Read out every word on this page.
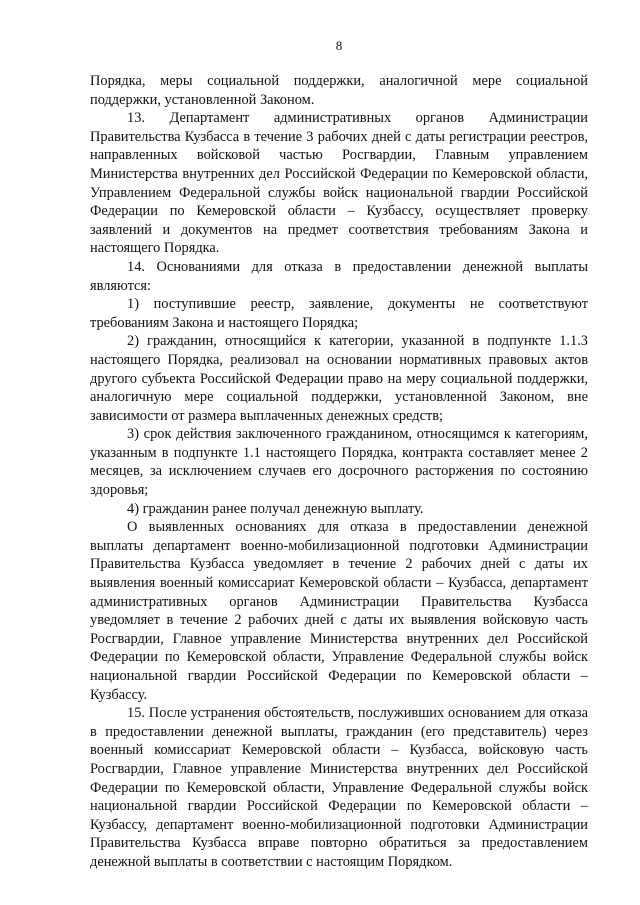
8

Порядка, меры социальной поддержки, аналогичной мере социальной поддержки, установленной Законом.

13. Департамент административных органов Администрации Правительства Кузбасса в течение 3 рабочих дней с даты регистрации реестров, направленных войсковой частью Росгвардии, Главным управлением Министерства внутренних дел Российской Федерации по Кемеровской области, Управлением Федеральной службы войск национальной гвардии Российской Федерации по Кемеровской области – Кузбассу, осуществляет проверку заявлений и документов на предмет соответствия требованиям Закона и настоящего Порядка.

14. Основаниями для отказа в предоставлении денежной выплаты являются:

1) поступившие реестр, заявление, документы не соответствуют требованиям Закона и настоящего Порядка;

2) гражданин, относящийся к категории, указанной в подпункте 1.1.3 настоящего Порядка, реализовал на основании нормативных правовых актов другого субъекта Российской Федерации право на меру социальной поддержки, аналогичную мере социальной поддержки, установленной Законом, вне зависимости от размера выплаченных денежных средств;

3) срок действия заключенного гражданином, относящимся к категориям, указанным в подпункте 1.1 настоящего Порядка, контракта составляет менее 2 месяцев, за исключением случаев его досрочного расторжения по состоянию здоровья;

4) гражданин ранее получал денежную выплату.

О выявленных основаниях для отказа в предоставлении денежной выплаты департамент военно-мобилизационной подготовки Администрации Правительства Кузбасса уведомляет в течение 2 рабочих дней с даты их выявления военный комиссариат Кемеровской области – Кузбасса, департамент административных органов Администрации Правительства Кузбасса уведомляет в течение 2 рабочих дней с даты их выявления войсковую часть Росгвардии, Главное управление Министерства внутренних дел Российской Федерации по Кемеровской области, Управление Федеральной службы войск национальной гвардии Российской Федерации по Кемеровской области – Кузбассу.

15. После устранения обстоятельств, послуживших основанием для отказа в предоставлении денежной выплаты, гражданин (его представитель) через военный комиссариат Кемеровской области – Кузбасса, войсковую часть Росгвардии, Главное управление Министерства внутренних дел Российской Федерации по Кемеровской области, Управление Федеральной службы войск национальной гвардии Российской Федерации по Кемеровской области – Кузбассу, департамент военно-мобилизационной подготовки Администрации Правительства Кузбасса вправе повторно обратиться за предоставлением денежной выплаты в соответствии с настоящим Порядком.
